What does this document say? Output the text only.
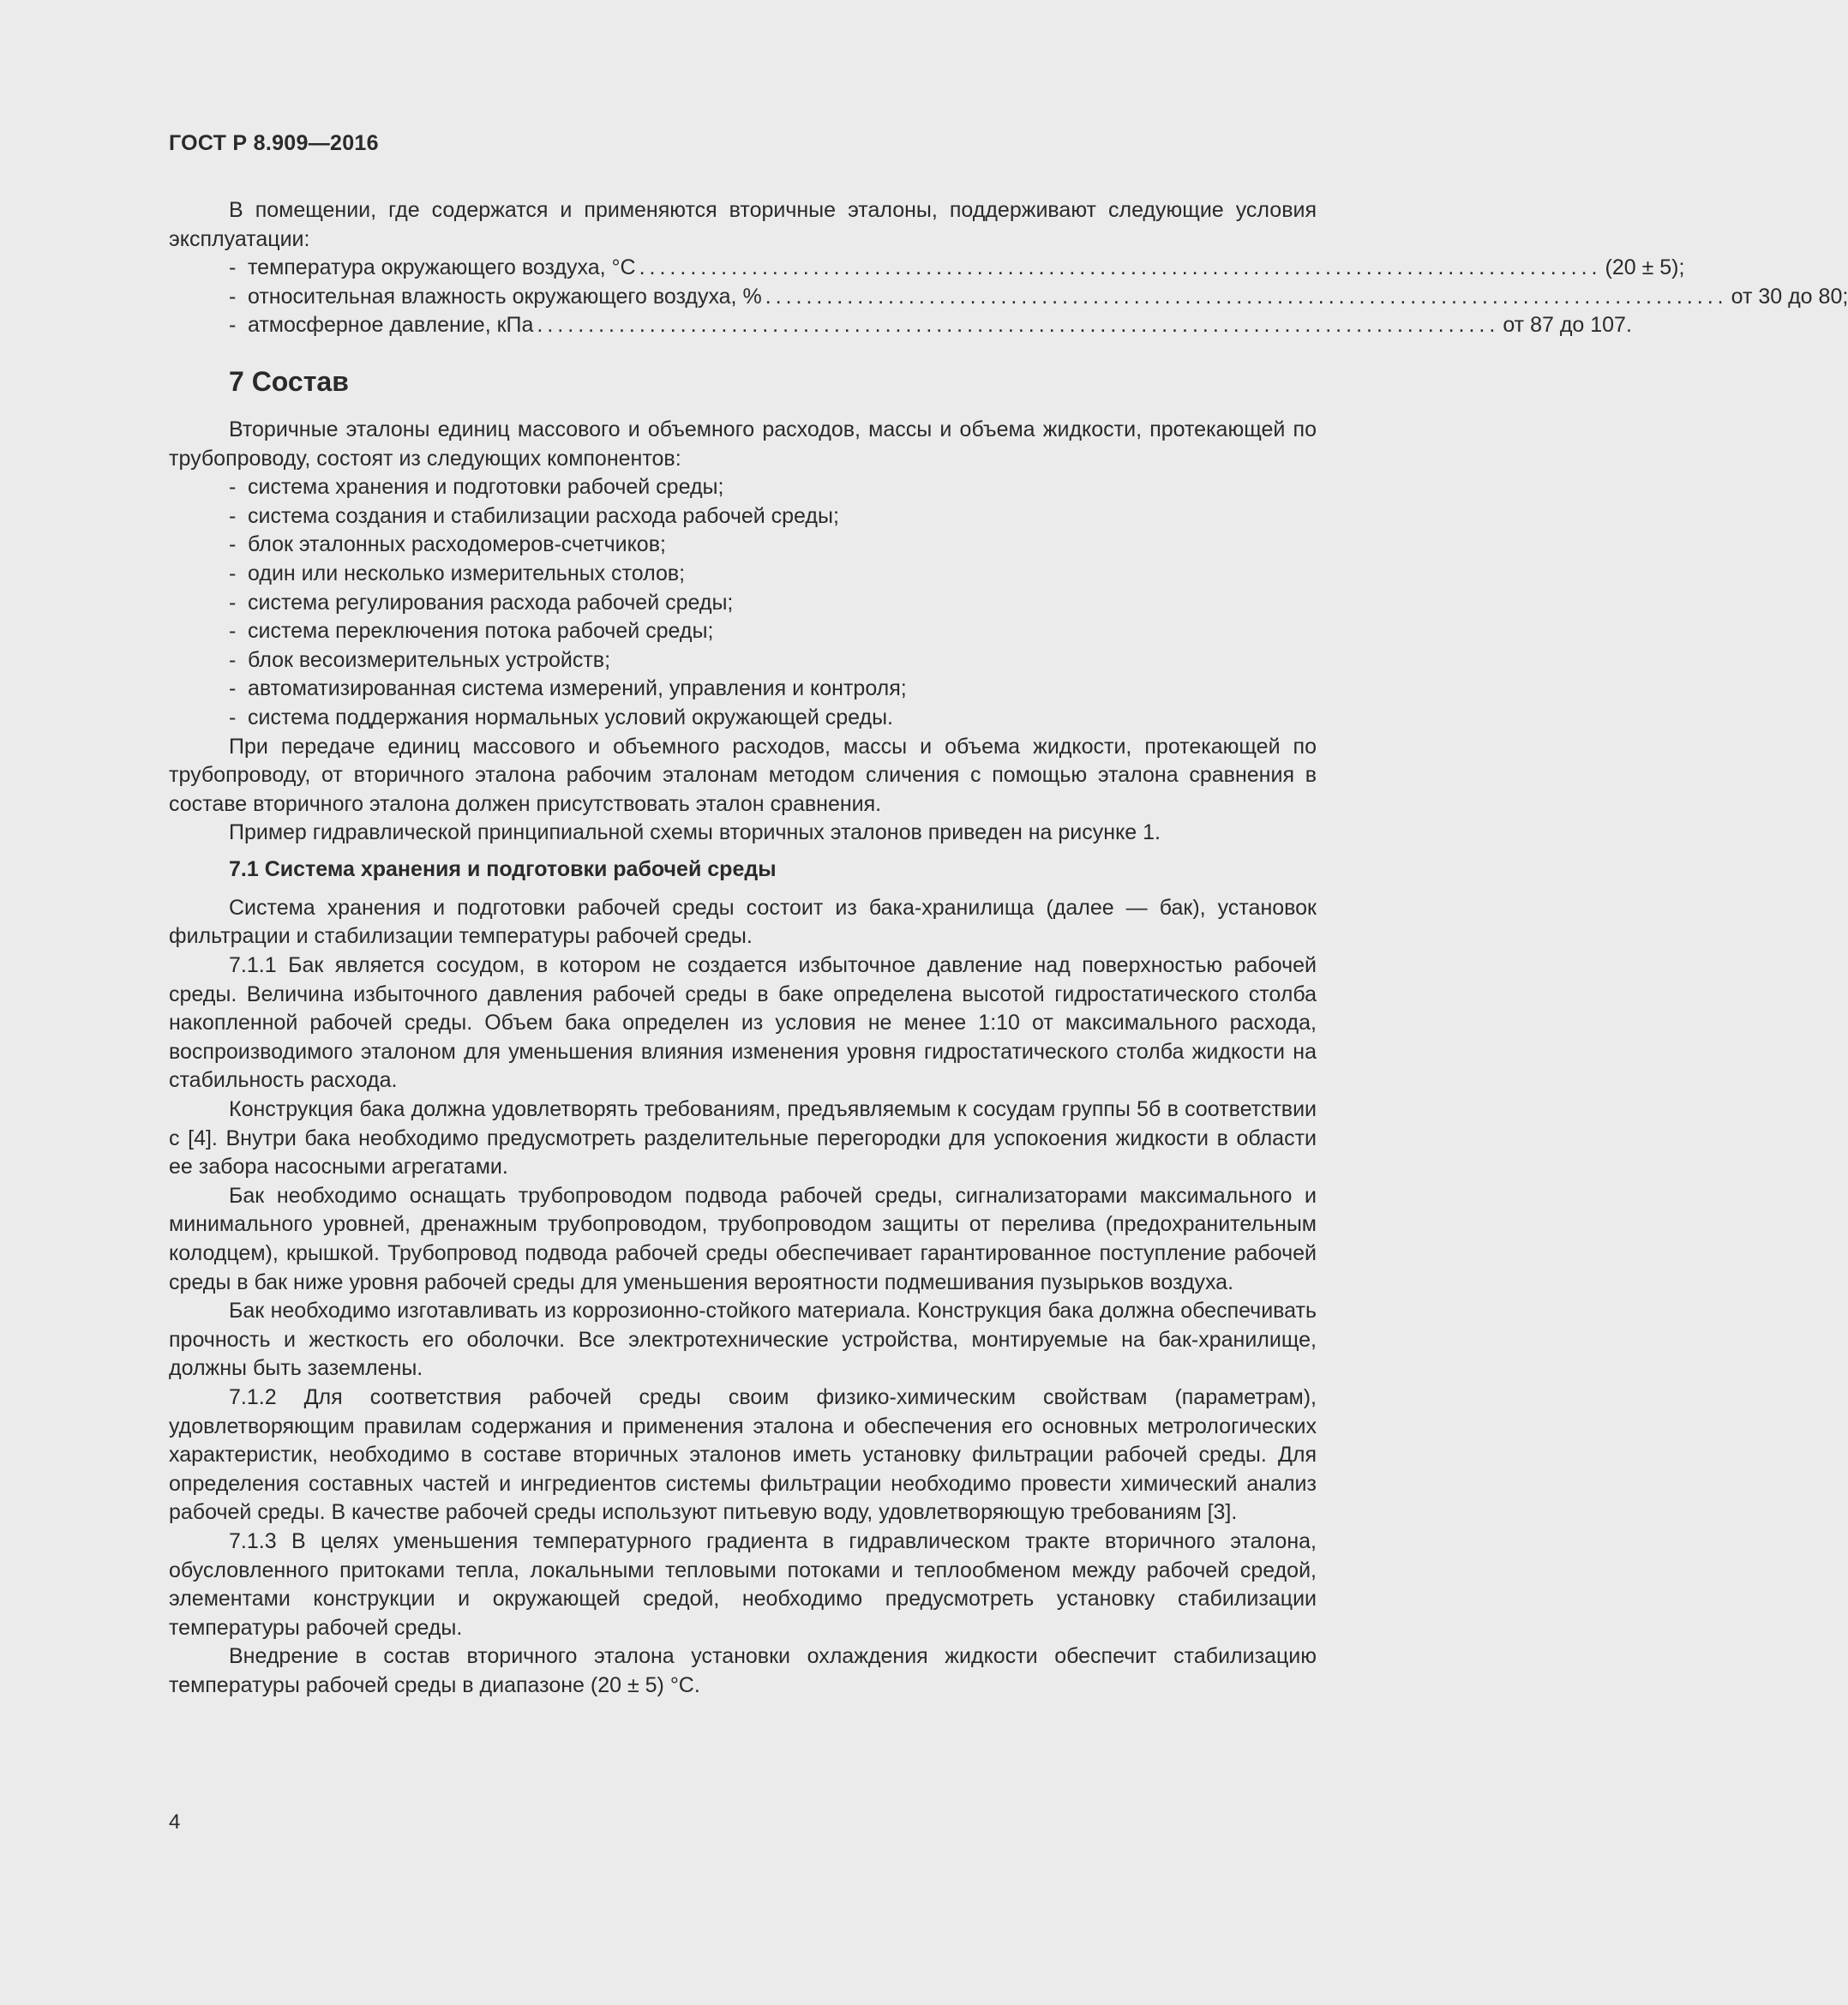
ГОСТ Р 8.909—2016

В помещении, где содержатся и применяются вторичные эталоны, поддерживают следующие условия эксплуатации:

- температура окружающего воздуха, °С .............................................................................................. (20 ± 5);
- относительная влажность окружающего воздуха, % .............................................................................................. от 30 до 80;
- атмосферное давление, кПа .............................................................................................. от 87 до 107.
7 Состав

Вторичные эталоны единиц массового и объемного расходов, массы и объема жидкости, протекающей по трубопроводу, состоят из следующих компонентов:

- система хранения и подготовки рабочей среды;
- система создания и стабилизации расхода рабочей среды;
- блок эталонных расходомеров-счетчиков;
- один или несколько измерительных столов;
- система регулирования расхода рабочей среды;
- система переключения потока рабочей среды;
- блок весоизмерительных устройств;
- автоматизированная система измерений, управления и контроля;
- система поддержания нормальных условий окружающей среды.

При передаче единиц массового и объемного расходов, массы и объема жидкости, протекающей по трубопроводу, от вторичного эталона рабочим эталонам методом сличения с помощью эталона сравнения в составе вторичного эталона должен присутствовать эталон сравнения.

Пример гидравлической принципиальной схемы вторичных эталонов приведен на рисунке 1.

7.1 Система хранения и подготовки рабочей среды

Система хранения и подготовки рабочей среды состоит из бака-хранилища (далее — бак), установок фильтрации и стабилизации температуры рабочей среды.

7.1.1 Бак является сосудом, в котором не создается избыточное давление над поверхностью рабочей среды. Величина избыточного давления рабочей среды в баке определена высотой гидростатического столба накопленной рабочей среды. Объем бака определен из условия не менее 1:10 от максимального расхода, воспроизводимого эталоном для уменьшения влияния изменения уровня гидростатического столба жидкости на стабильность расхода.

Конструкция бака должна удовлетворять требованиям, предъявляемым к сосудам группы 5б в соответствии с [4]. Внутри бака необходимо предусмотреть разделительные перегородки для успокоения жидкости в области ее забора насосными агрегатами.

Бак необходимо оснащать трубопроводом подвода рабочей среды, сигнализаторами максимального и минимального уровней, дренажным трубопроводом, трубопроводом защиты от перелива (предохранительным колодцем), крышкой. Трубопровод подвода рабочей среды обеспечивает гарантированное поступление рабочей среды в бак ниже уровня рабочей среды для уменьшения вероятности подмешивания пузырьков воздуха.

Бак необходимо изготавливать из коррозионно-стойкого материала. Конструкция бака должна обеспечивать прочность и жесткость его оболочки. Все электротехнические устройства, монтируемые на бак-хранилище, должны быть заземлены.

7.1.2 Для соответствия рабочей среды своим физико-химическим свойствам (параметрам), удовлетворяющим правилам содержания и применения эталона и обеспечения его основных метрологических характеристик, необходимо в составе вторичных эталонов иметь установку фильтрации рабочей среды. Для определения составных частей и ингредиентов системы фильтрации необходимо провести химический анализ рабочей среды. В качестве рабочей среды используют питьевую воду, удовлетворяющую требованиям [3].

7.1.3 В целях уменьшения температурного градиента в гидравлическом тракте вторичного эталона, обусловленного притоками тепла, локальными тепловыми потоками и теплообменом между рабочей средой, элементами конструкции и окружающей средой, необходимо предусмотреть установку стабилизации температуры рабочей среды.

Внедрение в состав вторичного эталона установки охлаждения жидкости обеспечит стабилизацию температуры рабочей среды в диапазоне (20 ± 5) °С.

4
